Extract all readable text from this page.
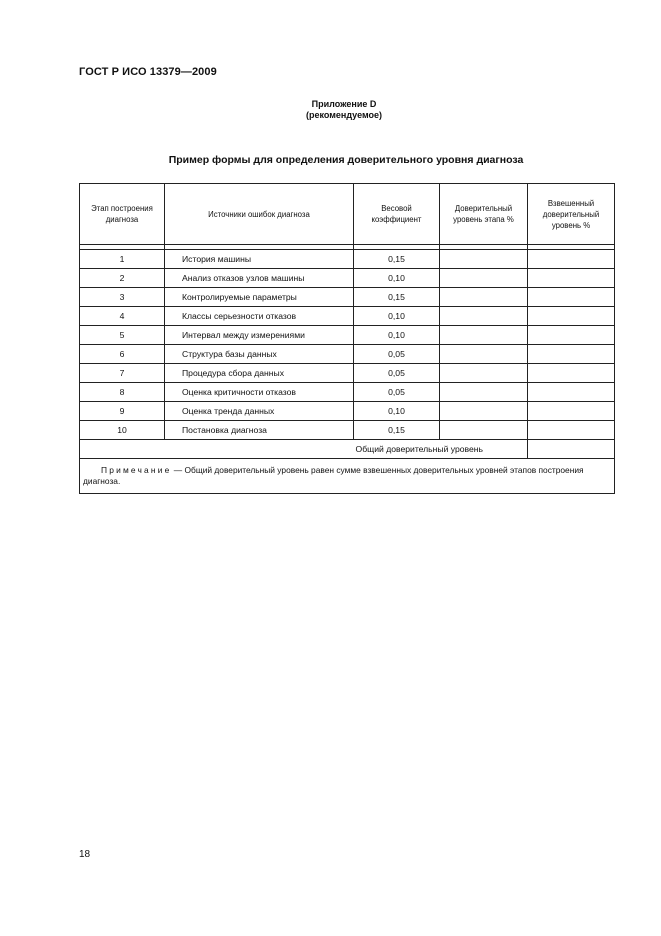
ГОСТ Р ИСО 13379—2009
Приложение D
(рекомендуемое)
Пример формы для определения доверительного уровня диагноза
Этап построения диагноза	Источники ошибок диагноза	Весовой коэффициент	Доверительный уровень этапа %	Взвешенный доверительный уровень %

1	История машины	0,15		
2	Анализ отказов узлов машины	0,10		
3	Контролируемые параметры	0,15		
4	Классы серьезности отказов	0,10		
5	Интервал между измерениями	0,10		
6	Структура базы данных	0,05		
7	Процедура сбора данных	0,05		
8	Оценка критичности отказов	0,05		
9	Оценка тренда данных	0,10		
10	Постановка диагноза	0,15		
Общий доверительный уровень				
Примечание — Общий доверительный уровень равен сумме взвешенных доверительных уровней этапов построения диагноза.				
18
